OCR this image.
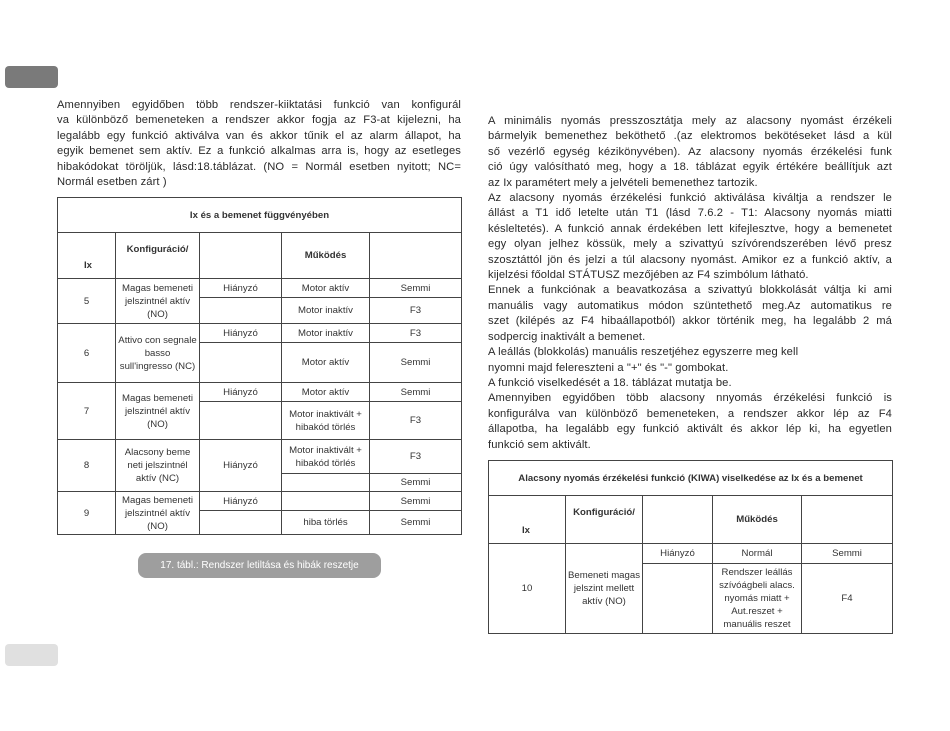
Amennyiben egyidőben több rendszer-kiiktatási funkció van konfigurál
va különböző bemeneteken a rendszer akkor fogja az F3-at kijelezni, ha
legalább egy funkció aktiválva van és akkor tűnik el az alarm állapot, ha
egyik bemenet sem aktív. Ez a funkció alkalmas arra is, hogy az esetleges
hibakódokat töröljük, lásd:18.táblázat. (NO = Normál esetben nyitott; NC=
Normál esetben zárt )
Ix és a bemenet függvényében				
Ix	Konfiguráció/		Működés	
5	Magas bemeneti jelszintnél aktív (NO)	Hiányzó	Motor aktív	Semmi
			Motor inaktív	F3
6	Attivo con segnale basso sull'ingresso (NC)	Hiányzó	Motor inaktív	F3
			Motor aktív	Semmi
7	Magas bemeneti jelszintnél aktív (NO)	Hiányzó	Motor aktív	Semmi
			Motor inaktivált + hibakód törlés	F3
8	Alacsony beme neti jelszintnél aktív (NC)	Hiányzó	Motor inaktivált + hibakód törlés	F3
				Semmi
9	Magas bemeneti jelszintnél aktív (NO)	Hiányzó		Semmi
			hiba törlés	Semmi
17. tábl.: Rendszer letiltása és hibák reszetje
A minimális nyomás presszosztátja mely az alacsony nyomást érzékeli
bármelyik bemenethez beköthető .(az elektromos bekötéseket lásd a kül
ső vezérlő egység kézikönyvében). Az alacsony nyomás érzékelési funk
ció úgy valósítható meg, hogy a 18. táblázat egyik értékére beállítjuk azt
az Ix paramétert mely a jelvételi bemenethez tartozik.
Az alacsony nyomás érzékelési funkció aktiválása kiváltja a rendszer le
állást a T1 idő letelte után T1 (lásd 7.6.2 - T1: Alacsony nyomás miatti
késleltetés). A funkció annak érdekében lett kifejlesztve, hogy a bemenetet
egy olyan jelhez kössük, mely a szivattyú szívórendszerében lévő presz
szosztáttól jön és jelzi a túl alacsony nyomást. Amikor ez a funkció aktív, a
kijelzési főoldal STÁTUSZ mezőjében az F4 szimbólum látható.
Ennek a funkciónak a beavatkozása a szivattyú blokkolását váltja ki ami
manuális vagy automatikus módon szüntethető meg.Az automatikus re
szet (kilépés az F4 hibaállapotból) akkor történik meg, ha legalább 2 má
sodpercig inaktivált a bemenet.
A leállás (blokkolás) manuális reszetjéhez egyszerre meg kell
nyomni majd felereszteni a "+" és "-" gombokat.
A funkció viselkedését a 18. táblázat mutatja be.
Amennyiben egyidőben több alacsony nnyomás érzékelési funkció is
konfigurálva van különböző bemeneteken, a rendszer akkor lép az F4
állapotba, ha legalább egy funkció aktivált és akkor lép ki, ha egyetlen
funkció sem aktivált.
Alacsony nyomás érzékelési funkció (KIWA) viselkedése az Ix és a bemenet				
Ix	Konfiguráció/		Működés	
10	Bemeneti magas jelszint mellett aktív (NO)	Hiányzó	Normál	Semmi
			Rendszer leállás szívóágbeli alacs. nyomás miatt + Aut.reszet + manuális reszet	F4
